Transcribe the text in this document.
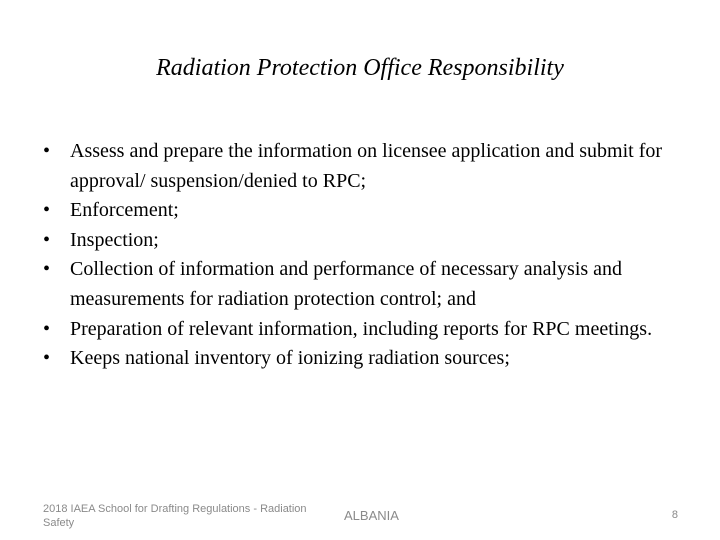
Radiation Protection Office Responsibility
• Assess and prepare the information on licensee application and submit for approval/ suspension/denied to RPC;
• Enforcement;
• Inspection;
• Collection of information and performance of necessary analysis and measurements for radiation protection control; and
• Preparation of relevant information, including reports for RPC meetings.
• Keeps national inventory of ionizing radiation sources;
2018 IAEA School for Drafting Regulations - Radiation Safety	ALBANIA	8
